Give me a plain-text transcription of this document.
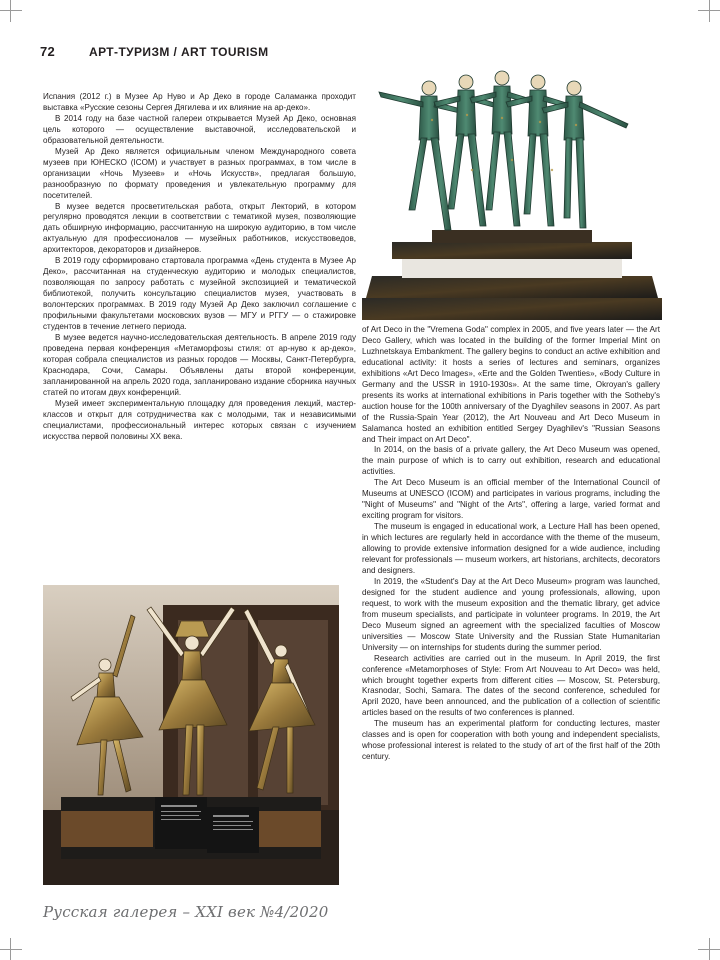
72	АРТ-ТУРИЗМ / ART TOURISM

Испания (2012 г.) в Музее Ар Нуво и Ар Деко в городе Саламанка проходит выставка «Русские сезоны Сергея Дягилева и их влияние на ар-деко».

В 2014 году на базе частной галереи открывается Музей Ар Деко, основная цель которого — осуществление выставочной, исследовательской и образовательной деятельности.

Музей Ар Деко является официальным членом Международного совета музеев при ЮНЕСКО (ICOM) и участвует в разных программах, в том числе в организации «Ночь Музеев» и «Ночь Искусств», предлагая большую, разнообразную по формату проведения и увлекательную программу для посетителей.

В музее ведется просветительская работа, открыт Лекторий, в котором регулярно проводятся лекции в соответствии с тематикой музея, позволяющие дать обширную информацию, рассчитанную на широкую аудиторию, в том числе актуальную для профессионалов — музейных работников, искусствоведов, архитекторов, декораторов и дизайнеров.

В 2019 году сформировано стартовала программа «День студента в Музее Ар Деко», рассчитанная на студенческую аудиторию и молодых специалистов, позволяющая по запросу работать с музейной экспозицией и тематической библиотекой, получить консультацию специалистов музея, участвовать в волонтерских программах. В 2019 году Музей Ар Деко заключил соглашение с профильными факультетами московских вузов — МГУ и РГГУ — о стажировке студентов в течение летнего периода.

В музее ведется научно-исследовательская деятельность. В апреле 2019 году проведена первая конференция «Метаморфозы стиля: от ар-нуво к ар-деко», которая собрала специалистов из разных городов — Москвы, Санкт-Петербурга, Краснодара, Сочи, Самары. Объявлены даты второй конференции, запланированной на апрель 2020 года, запланировано издание сборника научных статей по итогам двух конференций.

Музей имеет экспериментальную площадку для проведения лекций, мастер-классов и открыт для сотрудничества как с молодыми, так и независимыми специалистами, профессиональный интерес которых связан с изучением искусства первой половины XX века.

of Art Deco in the "Vremena Goda" complex in 2005, and five years later — the Art Deco Gallery, which was located in the building of the former Imperial Mint on Luzhnetskaya Embankment. The gallery begins to conduct an active exhibition and educational activity: it hosts a series of lectures and seminars, organizes exhibitions «Art Deco Images», «Erte and the Golden Twenties», «Body Culture in Germany and the USSR in 1910-1930s». At the same time, Okroyan's gallery presents its works at international exhibitions in Paris together with the Sotheby's auction house for the 100th anniversary of the Dyaghilev seasons in 2007. As part of the Russia-Spain Year (2012), the Art Nouveau and Art Deco Museum in Salamanca hosted an exhibition entitled Sergey Dyaghilev's "Russian Seasons and Their impact on Art Deco".

In 2014, on the basis of a private gallery, the Art Deco Museum was opened, the main purpose of which is to carry out exhibition, research and educational activities.

The Art Deco Museum is an official member of the International Council of Museums at UNESCO (ICOM) and participates in various programs, including the "Night of Museums" and "Night of the Arts", offering a large, varied format and exciting program for visitors.

The museum is engaged in educational work, a Lecture Hall has been opened, in which lectures are regularly held in accordance with the theme of the museum, allowing to provide extensive information designed for a wide audience, including relevant for professionals — museum workers, art historians, architects, decorators and designers.

In 2019, the «Student's Day at the Art Deco Museum» program was launched, designed for the student audience and young professionals, allowing, upon request, to work with the museum exposition and the thematic library, get advice from museum specialists, and participate in volunteer programs. In 2019, the Art Deco Museum signed an agreement with the specialized faculties of Moscow universities — Moscow State University and the Russian State Humanitarian University — on internships for students during the summer period.

Research activities are carried out in the museum. In April 2019, the first conference «Metamorphoses of Style: From Art Nouveau to Art Deco» was held, which brought together experts from different cities — Moscow, St. Petersburg, Krasnodar, Sochi, Samara. The dates of the second conference, scheduled for April 2020, have been announced, and the publication of a collection of scientific articles based on the results of two conferences is planned.

The museum has an experimental platform for conducting lectures, master classes and is open for cooperation with both young and independent specialists, whose professional interest is related to the study of art of the first half of the 20th century.

Русская галерея – XXI век №4/2020
